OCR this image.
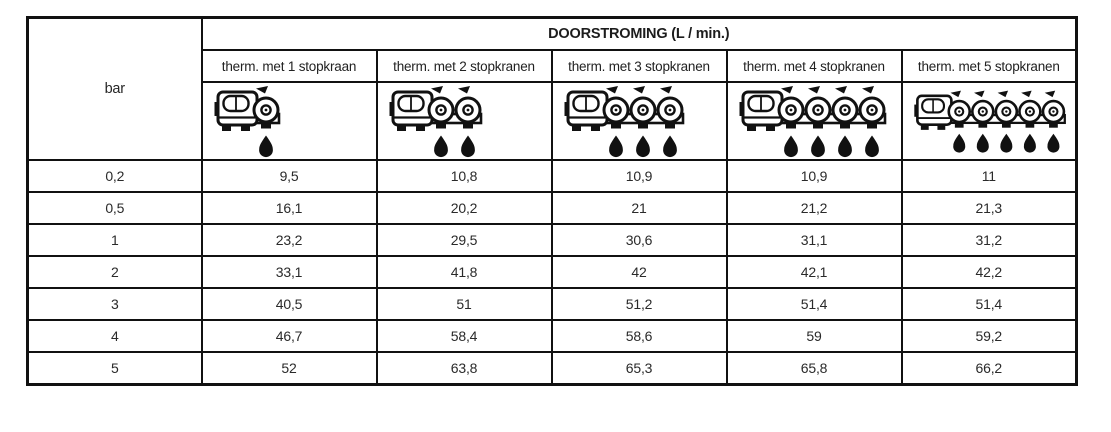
bar	DOORSTROMING (L / min.)				
	therm. met 1 stopkraan	therm. met 2 stopkranen	therm. met 3 stopkranen	therm. met 4 stopkranen	therm. met 5 stopkranen

0,2	9,5	10,8	10,9	10,9	11
0,5	16,1	20,2	21	21,2	21,3
1	23,2	29,5	30,6	31,1	31,2
2	33,1	41,8	42	42,1	42,2
3	40,5	51	51,2	51,4	51,4
4	46,7	58,4	58,6	59	59,2
5	52	63,8	65,3	65,8	66,2
